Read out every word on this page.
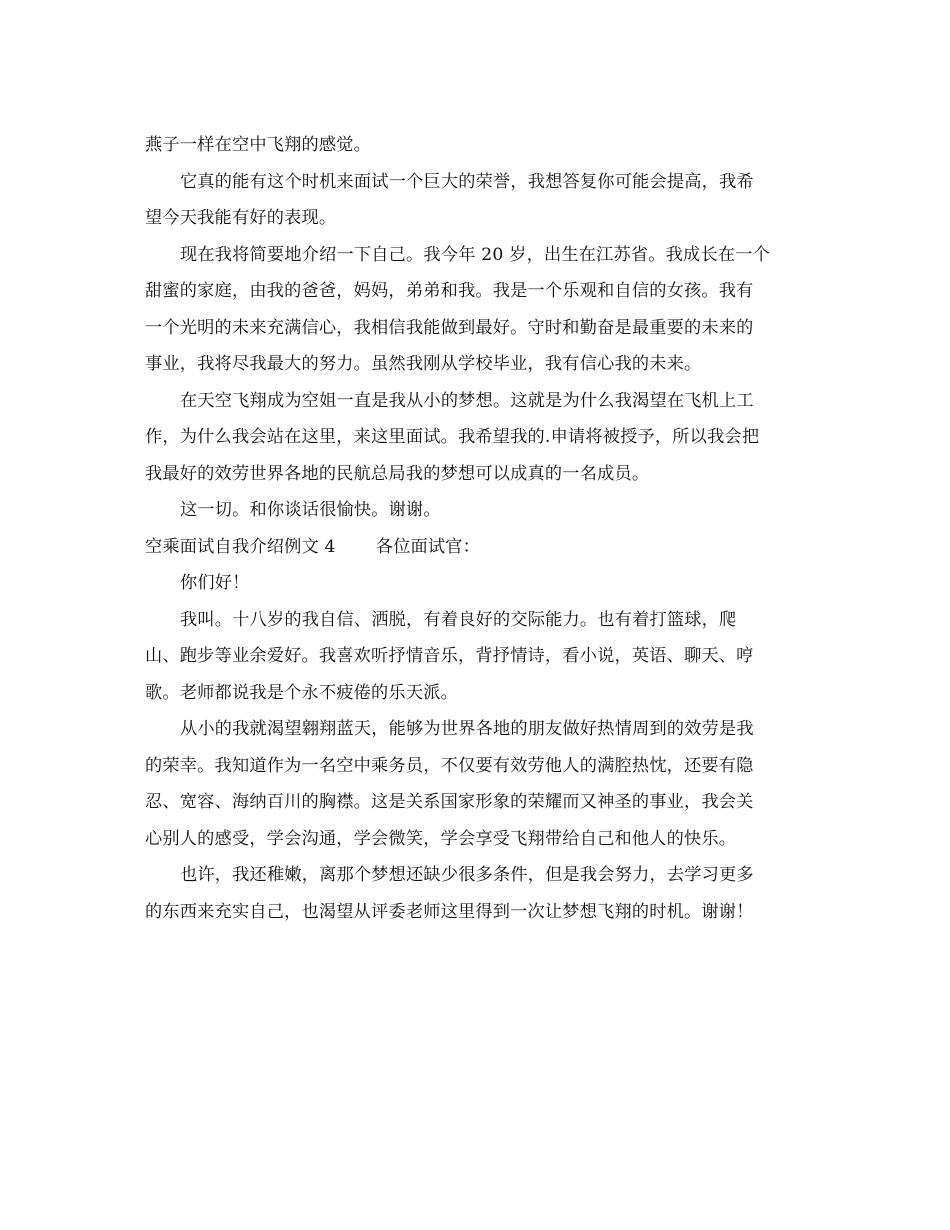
燕子一样在空中飞翔的感觉。
它真的能有这个时机来面试一个巨大的荣誉，我想答复你可能会提高，我希
望今天我能有好的表现。
现在我将简要地介绍一下自己。我今年 20 岁，出生在江苏省。我成长在一个
甜蜜的家庭，由我的爸爸，妈妈，弟弟和我。我是一个乐观和自信的女孩。我有
一个光明的未来充满信心，我相信我能做到最好。守时和勤奋是最重要的未来的
事业，我将尽我最大的努力。虽然我刚从学校毕业，我有信心我的未来。
在天空飞翔成为空姐一直是我从小的梦想。这就是为什么我渴望在飞机上工
作，为什么我会站在这里，来这里面试。我希望我的.申请将被授予，所以我会把
我最好的效劳世界各地的民航总局我的梦想可以成真的一名成员。
这一切。和你谈话很愉快。谢谢。
空乘面试自我介绍例文 4 各位面试官：
你们好！
我叫。十八岁的我自信、洒脱，有着良好的交际能力。也有着打篮球，爬
山、跑步等业余爱好。我喜欢听抒情音乐，背抒情诗，看小说，英语、聊天、哼
歌。老师都说我是个永不疲倦的乐天派。
从小的我就渴望翱翔蓝天，能够为世界各地的朋友做好热情周到的效劳是我
的荣幸。我知道作为一名空中乘务员，不仅要有效劳他人的满腔热忱，还要有隐
忍、宽容、海纳百川的胸襟。这是关系国家形象的荣耀而又神圣的事业，我会关
心别人的感受，学会沟通，学会微笑，学会享受飞翔带给自己和他人的快乐。
也许，我还稚嫩，离那个梦想还缺少很多条件，但是我会努力，去学习更多
的东西来充实自己，也渴望从评委老师这里得到一次让梦想飞翔的时机。谢谢！
